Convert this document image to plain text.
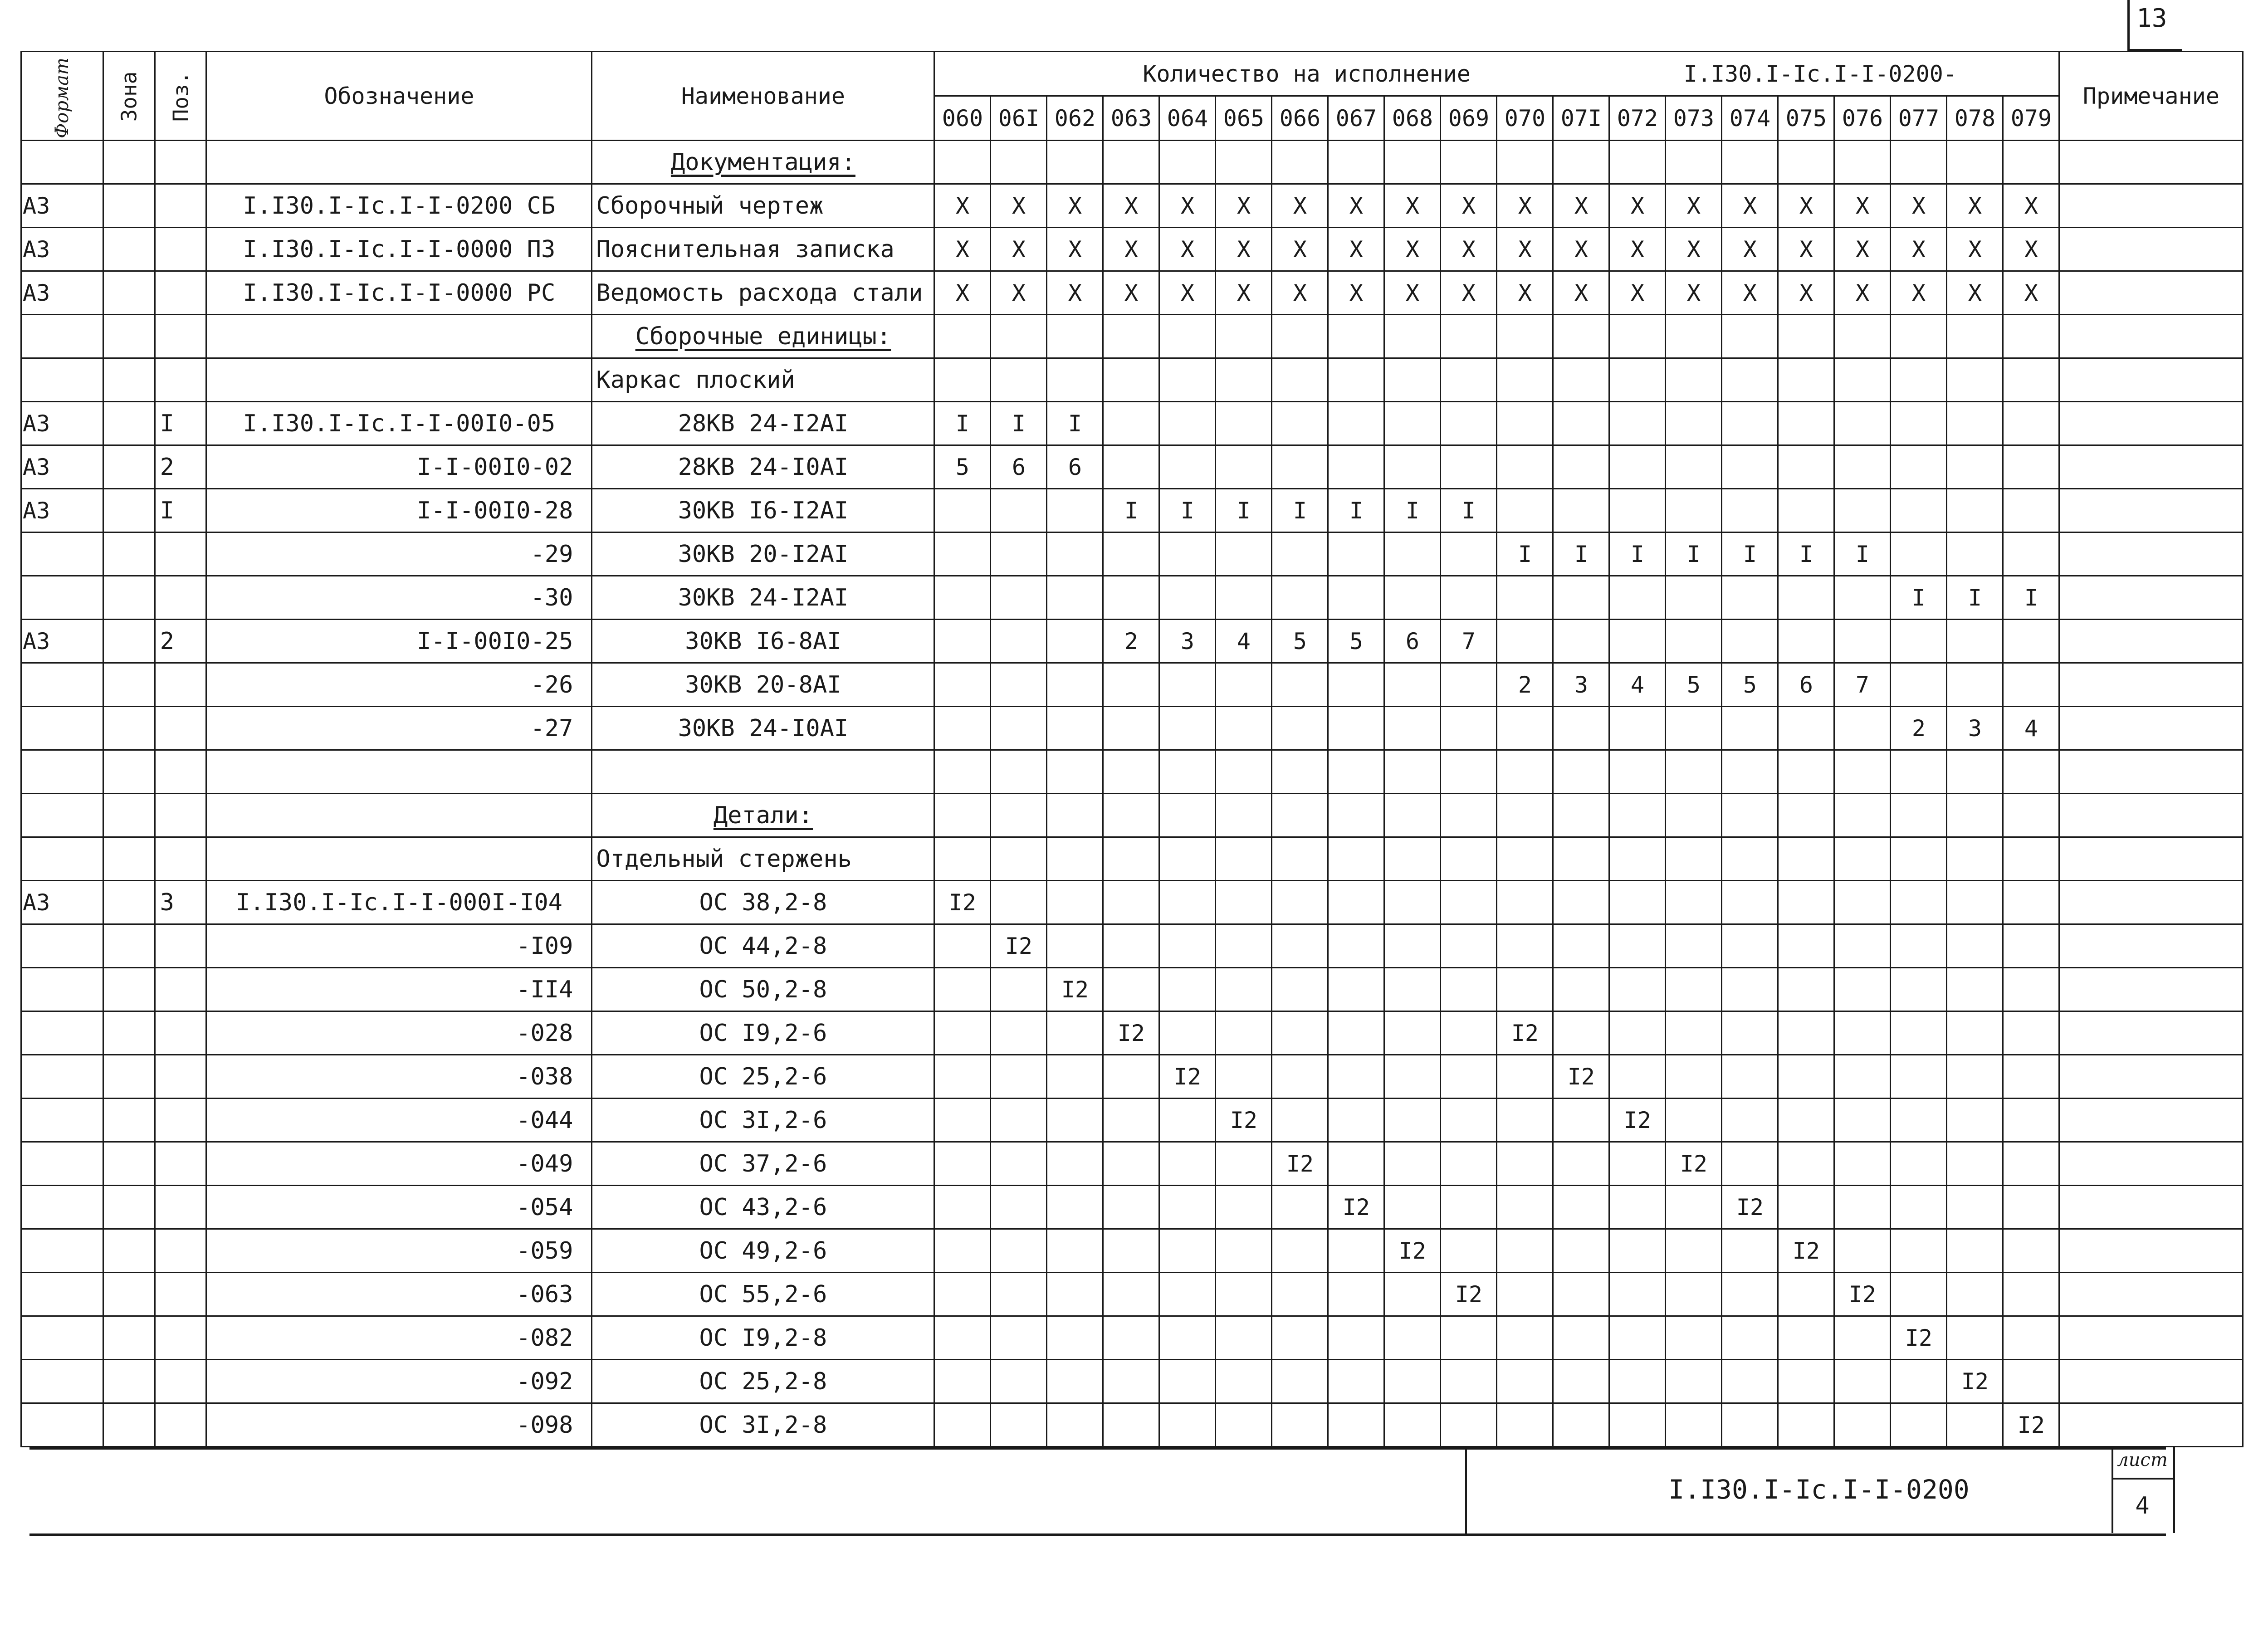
13
Формат	Зона	Поз.	Обозначение	Наименование	Количество на исполнение I.I30.I-Ic.I-I-0200-																				Примечание
					060	06I	062	063	064	065	066	067	068	069	070	07I	072	073	074	075	076	077	078	079	
				Документация:																					
А3			I.I30.I-Ic.I-I-0200 СБ	Сборочный чертеж	X	X	X	X	X	X	X	X	X	X	X	X	X	X	X	X	X	X	X	X	
А3			I.I30.I-Ic.I-I-0000 ПЗ	Пояснительная записка	X	X	X	X	X	X	X	X	X	X	X	X	X	X	X	X	X	X	X	X	
А3			I.I30.I-Ic.I-I-0000 РС	Ведомость расхода стали	X	X	X	X	X	X	X	X	X	X	X	X	X	X	X	X	X	X	X	X	
				Сборочные единицы:																					
				Каркас плоский																					
А3		I	I.I30.I-Ic.I-I-00I0-05	28КВ 24-I2АI	I	I	I																		
А3		2	I-I-00I0-02	28КВ 24-I0АI	5	6	6																		
А3		I	I-I-00I0-28	30КВ I6-I2АI				I	I	I	I	I	I	I											
			-29	30КВ 20-I2АI											I	I	I	I	I	I	I				
			-30	30КВ 24-I2АI																		I	I	I	
А3		2	I-I-00I0-25	30КВ I6-8АI				2	3	4	5	5	6	7											
			-26	30КВ 20-8АI											2	3	4	5	5	6	7				
			-27	30КВ 24-I0АI																		2	3	4	

				Детали:																					
				Отдельный стержень																					
А3		3	I.I30.I-Ic.I-I-000I-I04	ОС 38,2-8	I2																				
			-I09	ОС 44,2-8		I2																			
			-II4	ОС 50,2-8			I2																		
			-028	ОС I9,2-6				I2							I2										
			-038	ОС 25,2-6					I2							I2									
			-044	ОС 3I,2-6						I2							I2								
			-049	ОС 37,2-6							I2							I2							
			-054	ОС 43,2-6								I2							I2						
			-059	ОС 49,2-6									I2							I2					
			-063	ОС 55,2-6										I2							I2				
			-082	ОС I9,2-8																		I2			
			-092	ОС 25,2-8																			I2		
			-098	ОС 3I,2-8																				I2	
I.I30.I-Ic.I-I-0200
лист
4
